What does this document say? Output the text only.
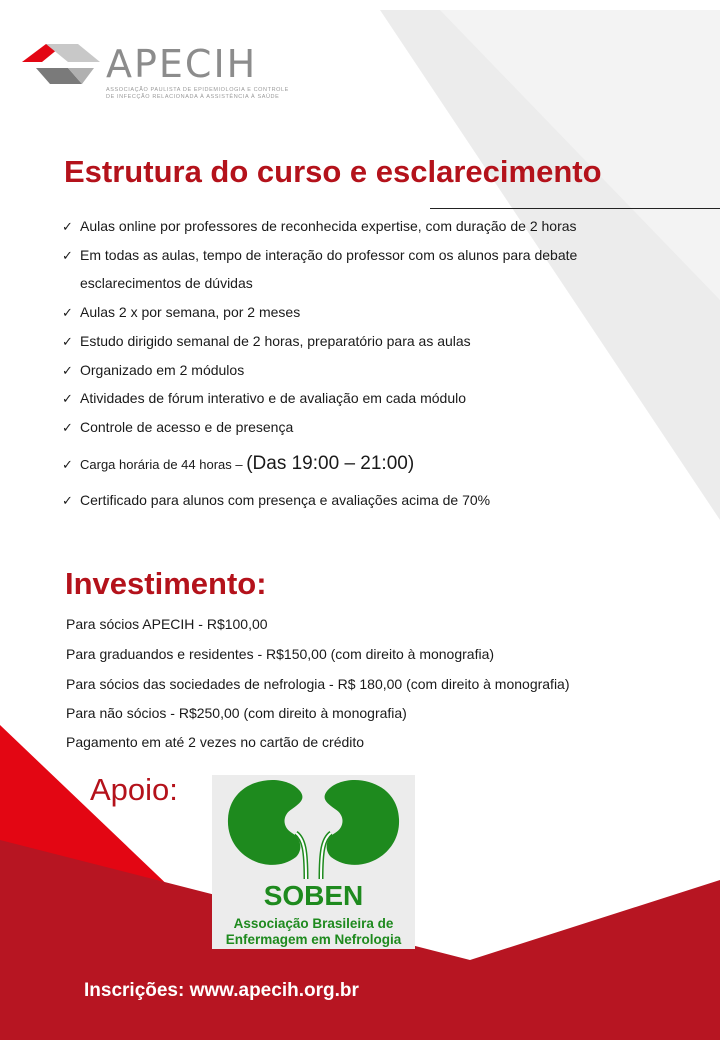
APECIH
ASSOCIAÇÃO PAULISTA DE EPIDEMIOLOGIA E CONTROLE
DE INFECÇÃO RELACIONADA À ASSISTÊNCIA À SAÚDE
Estrutura do curso e esclarecimento
✓ Aulas online por professores de reconhecida expertise, com duração de 2 horas
✓ Em todas as aulas, tempo de interação do professor com os alunos para debate
✓ Aulas 2 x por semana, por 2 meses
✓ Estudo dirigido semanal de 2 horas, preparatório para as aulas
✓ Organizado em 2 módulos
✓ Atividades de fórum interativo e de avaliação em cada módulo
✓ Controle de acesso e de presença
✓ Carga horária de 44 horas – (Das 19:00 – 21:00)
✓ Certificado para alunos com presença e avaliações acima de 70%
esclarecimentos de dúvidas
Investimento:
Para sócios APECIH - R$100,00
Para graduandos e residentes - R$150,00 (com direito à monografia)
Para sócios das sociedades de nefrologia - R$ 180,00 (com direito à monografia)
Para não sócios - R$250,00 (com direito à monografia)
Pagamento em até 2 vezes no cartão de crédito
Apoio:
SOBEN
Associação Brasileira de
Enfermagem em Nefrologia
Inscrições: www.apecih.org.br
